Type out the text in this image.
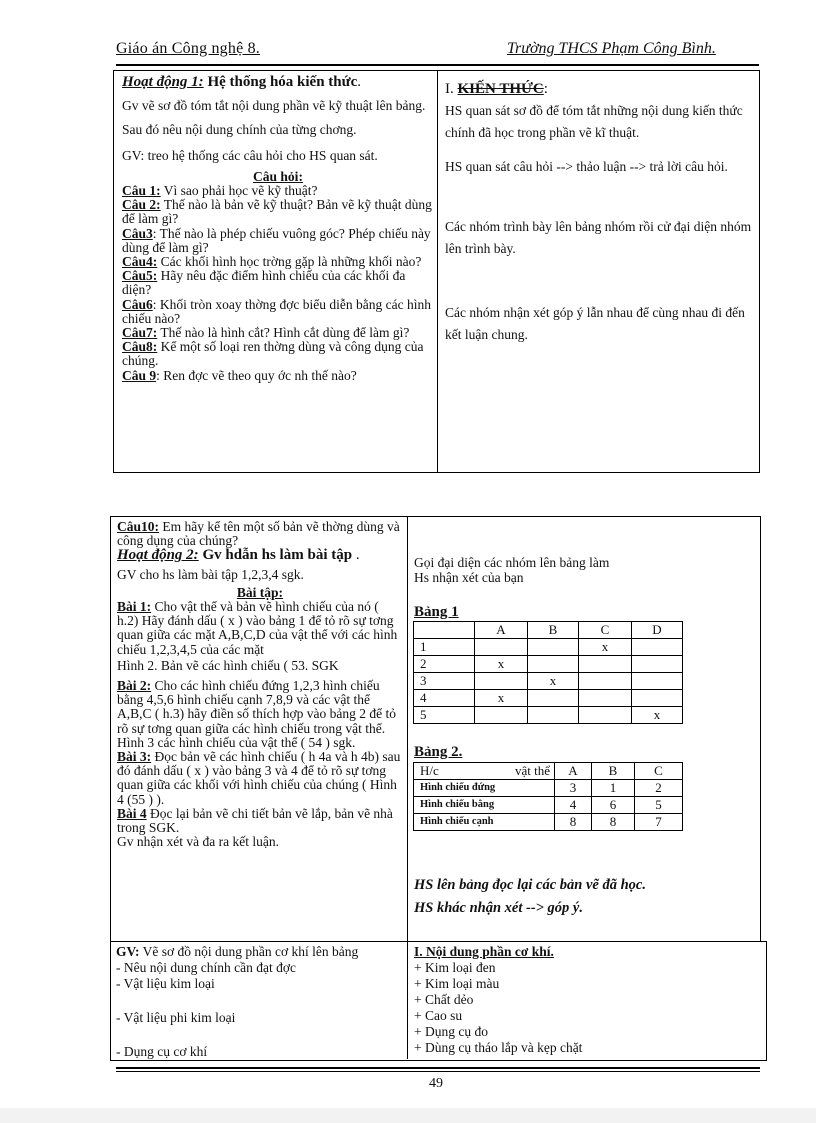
Giáo án Công nghệ 8.	Trường THCS Phạm Công Bình.

Hoạt động 1: Hệ thống hóa kiến thức.

Gv vẽ sơ đồ tóm tắt nội dung phần vẽ kỹ thuật lên bảng.

Sau đó nêu nội dung chính của từng chơng.

GV: treo hệ thống các câu hỏi cho HS quan sát.

Câu hỏi:

Câu 1: Vì sao phải học vẽ kỹ thuật?

Câu 2: Thế nào là bản vẽ kỹ thuật? Bản vẽ kỹ thuật dùng để làm gì?

Câu3: Thế nào là phép chiếu vuông góc? Phép chiếu này dùng để làm gì?

Câu4: Các khối hình học trờng gặp là những khối nào?

Câu5: Hãy nêu đặc điểm hình chiếu của các khối đa diện?

Câu6: Khối tròn xoay thờng đợc biểu diễn bằng các hình chiếu nào?

Câu7: Thế nào là hình cắt? Hình cắt dùng để làm gì?

Câu8: Kể một số loại ren thờng dùng và công dụng của chúng.

Câu 9: Ren đợc vẽ theo quy ớc nh thế nào?

I. KIẾN THỨC:

HS quan sát sơ đồ để tóm tắt những nội dung kiến thức chính đã học trong phần vẽ kĩ thuật.

HS quan sát câu hỏi --> thảo luận --> trả lời câu hỏi.

Các nhóm trình bày lên bảng nhóm rồi cử đại diện nhóm lên trình bày.

Các nhóm nhận xét góp ý lẫn nhau để cùng nhau đi đến kết luận chung.

Câu10: Em hãy kể tên một số bản vẽ thờng dùng và công dụng của chúng?

Hoạt động 2: Gv hdẫn hs làm bài tập .

GV cho hs làm bài tập 1,2,3,4 sgk.

Bài tập:

Bài 1: Cho vật thể và bản vẽ hình chiếu của nó ( h.2) Hãy đánh dấu ( x ) vào bảng 1 để tỏ rõ sự tơng quan giữa các mặt A,B,C,D của vật thể với các hình chiếu 1,2,3,4,5 của các mặt

Hình 2. Bản vẽ các hình chiếu ( 53. SGK

Bài 2: Cho các hình chiếu đứng 1,2,3 hình chiếu bằng 4,5,6 hình chiếu cạnh 7,8,9 và các vật thể A,B,C ( h.3) hãy điền số thích hợp vào bảng 2 để tỏ rõ sự tơng quan giữa các hình chiếu trong vật thể.

Hình 3 các hình chiếu của vật thể ( 54 ) sgk.

Bài 3: Đọc bản vẽ các hình chiếu ( h 4a và h 4b) sau đó đánh dấu ( x ) vào bảng 3 và 4 để tỏ rõ sự tơng quan giữa các khối với hình chiếu của chúng ( Hình 4 (55 ) ).

Bài 4 Đọc lại bản vẽ chi tiết bản vẽ lắp, bản vẽ nhà trong SGK.

Gv nhận xét và đa ra kết luận.

Gọi đại diện các nhóm lên bảng làm

Hs nhận xét của bạn

Bảng 1
	A	B	C	D
1			x	
2	x			
3		x		
4	x			
5				x
Bảng 2.
H/c vật thể	A	B	C
Hình chiếu đứng	3	1	2
Hình chiếu bằng	4	6	5
Hình chiếu cạnh	8	8	7
HS lên bảng đọc lại các bản vẽ đã học.
HS khác nhận xét --> góp ý.

GV: Vẽ sơ đồ nội dung phần cơ khí lên bảng

- Nêu nội dung chính cần đạt đợc

- Vật liệu kim loại

- Vật liệu phi kim loại

- Dụng cụ cơ khí

I. Nội dung phần cơ khí.

+ Kim loại đen

+ Kim loại màu

+ Chất dẻo

+ Cao su

+ Dụng cụ đo

+ Dùng cụ tháo lắp và kẹp chặt

49
